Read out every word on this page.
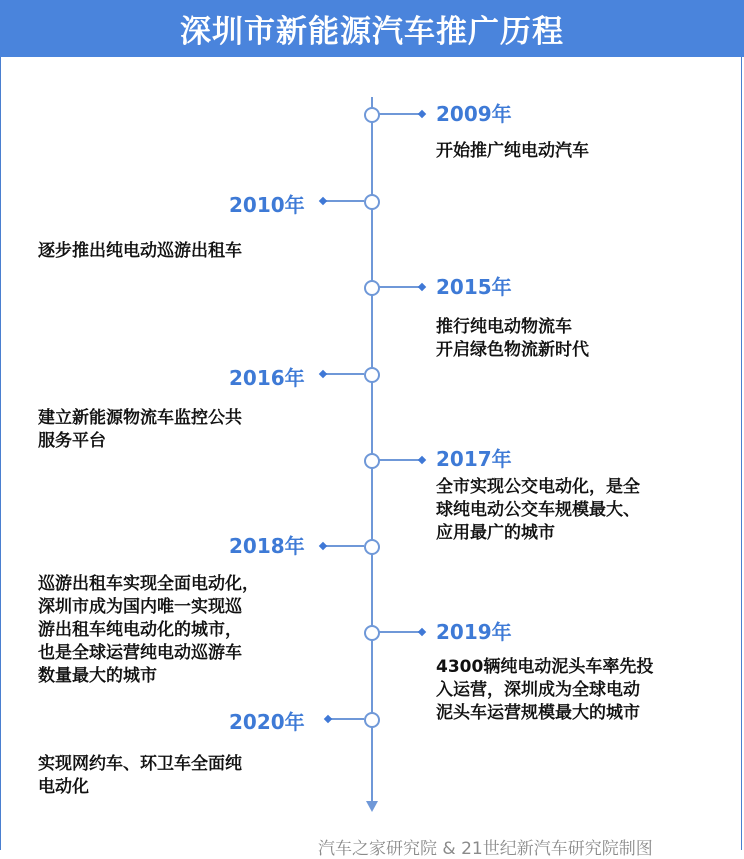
深圳市新能源汽车推广历程
2009年
开始推广纯电动汽车
2010年
逐步推出纯电动巡游出租车
2015年
推行纯电动物流车
开启绿色物流新时代
2016年
建立新能源物流车监控公共
服务平台
2017年
全市实现公交电动化，是全
球纯电动公交车规模最大、
应用最广的城市
2018年
巡游出租车实现全面电动化，
深圳市成为国内唯一实现巡
游出租车纯电动化的城市，
也是全球运营纯电动巡游车
数量最大的城市
2019年
4300辆纯电动泥头车率先投
入运营，深圳成为全球电动
泥头车运营规模最大的城市
2020年
实现网约车、环卫车全面纯
电动化
汽车之家研究院 & 21世纪新汽车研究院制图
